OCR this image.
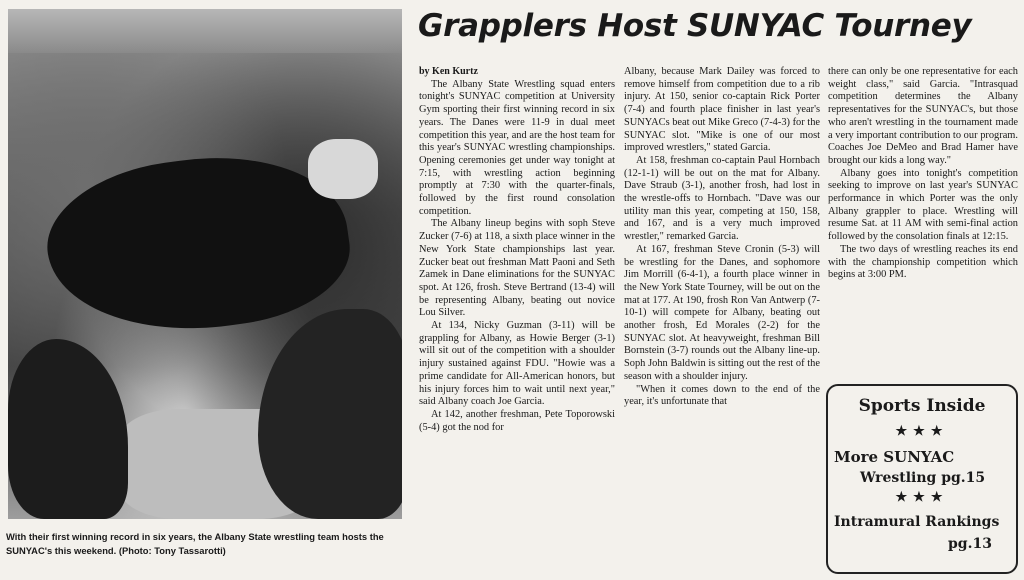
With their first winning record in six years, the Albany State wrestling team hosts the SUNYAC's this weekend. (Photo: Tony Tassarotti)
Grapplers Host SUNYAC Tourney

by Ken Kurtz

The Albany State Wrestling squad enters tonight's SUNYAC competition at University Gym sporting their first winning record in six years. The Danes were 11-9 in dual meet competition this year, and are the host team for this year's SUNYAC wrestling championships. Opening ceremonies get under way tonight at 7:15, with wrestling action beginning promptly at 7:30 with the quarter-finals, followed by the first round consolation competition.

The Albany lineup begins with soph Steve Zucker (7-6) at 118, a sixth place winner in the New York State championships last year. Zucker beat out freshman Matt Paoni and Seth Zamek in Dane eliminations for the SUNYAC spot. At 126, frosh. Steve Bertrand (13-4) will be representing Albany, beating out novice Lou Silver.

At 134, Nicky Guzman (3-11) will be grappling for Albany, as Howie Berger (3-1) will sit out of the competition with a shoulder injury sustained against FDU. "Howie was a prime candidate for All-American honors, but his injury forces him to wait until next year," said Albany coach Joe Garcia.

At 142, another freshman, Pete Toporowski (5-4) got the nod for

Albany, because Mark Dailey was forced to remove himself from competition due to a rib injury. At 150, senior co-captain Rick Porter (7-4) and fourth place finisher in last year's SUNYACs beat out Mike Greco (7-4-3) for the SUNYAC slot. "Mike is one of our most improved wrestlers," stated Garcia.

At 158, freshman co-captain Paul Hornbach (12-1-1) will be out on the mat for Albany. Dave Straub (3-1), another frosh, had lost in the wrestle-offs to Hornbach. "Dave was our utility man this year, competing at 150, 158, and 167, and is a very much improved wrestler," remarked Garcia.

At 167, freshman Steve Cronin (5-3) will be wrestling for the Danes, and sophomore Jim Morrill (6-4-1), a fourth place winner in the New York State Tourney, will be out on the mat at 177. At 190, frosh Ron Van Antwerp (7-10-1) will compete for Albany, beating out another frosh, Ed Morales (2-2) for the SUNYAC slot. At heavyweight, freshman Bill Bornstein (3-7) rounds out the Albany line-up. Soph John Baldwin is sitting out the rest of the season with a shoulder injury.

"When it comes down to the end of the year, it's unfortunate that

there can only be one representative for each weight class," said Garcia. "Intrasquad competition determines the Albany representatives for the SUNYAC's, but those who aren't wrestling in the tournament made a very important contribution to our program. Coaches Joe DeMeo and Brad Hamer have brought our kids a long way."

Albany goes into tonight's competition seeking to improve on last year's SUNYAC performance in which Porter was the only Albany grappler to place. Wrestling will resume Sat. at 11 AM with semi-final action followed by the consolation finals at 12:15.

The two days of wrestling reaches its end with the championship competition which begins at 3:00 PM.

Sports Inside
★★★
More SUNYAC
Wrestling pg.15
★★★
Intramural Rankings
pg.13
